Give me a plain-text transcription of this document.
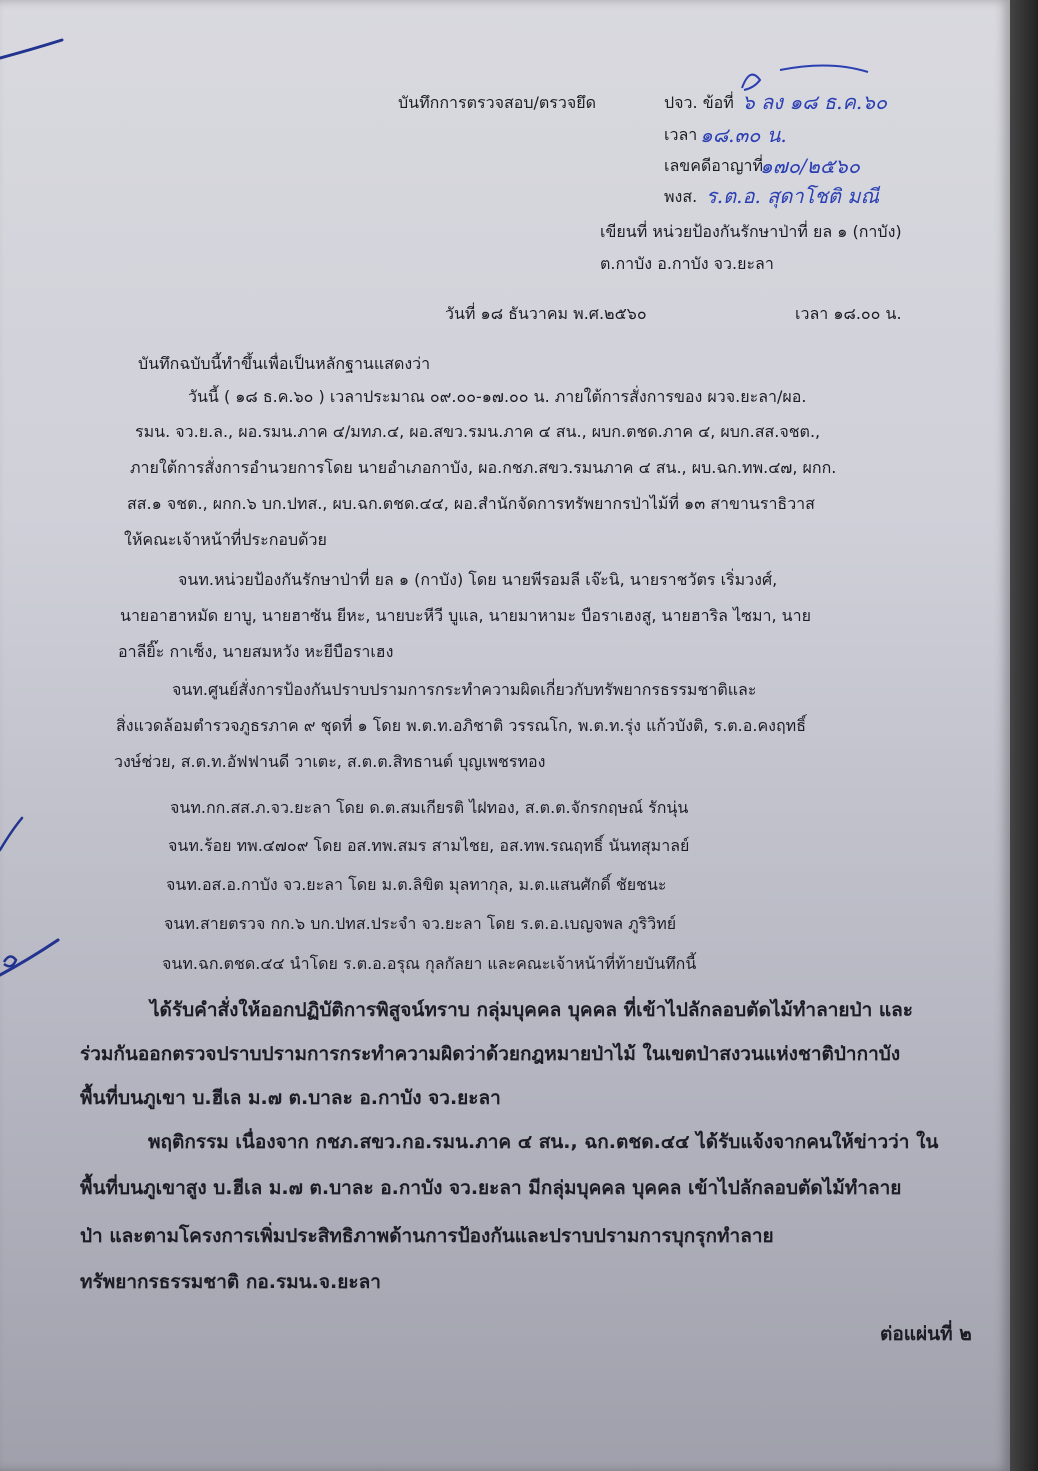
บันทึกการตรวจสอบ/ตรวจยึด	ปจว. ข้อที่ ๖ ลง ๑๘ ธ.ค.๖๐
เวลา ๑๘.๓๐ น.
เลขคดีอาญาที่
๑๗๐/๒๕๖๐
พงส. ร.ต.อ. สุดาโชติ มณี
เขียนที่ หน่วยป้องกันรักษาป่าที่ ยล ๑ (กาบัง)
ต.กาบัง อ.กาบัง จว.ยะลา
วันที่ ๑๘ ธันวาคม พ.ศ.๒๕๖๐	เวลา ๑๘.๐๐ น.
บันทึกฉบับนี้ทำขึ้นเพื่อเป็นหลักฐานแสดงว่า
วันนี้ ( ๑๘ ธ.ค.๖๐ ) เวลาประมาณ ๐๙.๐๐-๑๗.๐๐ น. ภายใต้การสั่งการของ ผวจ.ยะลา/ผอ.
รมน. จว.ย.ล., ผอ.รมน.ภาค ๔/มทภ.๔, ผอ.สขว.รมน.ภาค ๔ สน., ผบก.ตชด.ภาค ๔, ผบก.สส.จชต.,
ภายใต้การสั่งการอำนวยการโดย นายอำเภอกาบัง, ผอ.กชภ.สขว.รมนภาค ๔ สน., ผบ.ฉก.ทพ.๔๗, ผกก.
สส.๑ จชต., ผกก.๖ บก.ปทส., ผบ.ฉก.ตชด.๔๔, ผอ.สำนักจัดการทรัพยากรป่าไม้ที่ ๑๓ สาขานราธิวาส
ให้คณะเจ้าหน้าที่ประกอบด้วย
จนท.หน่วยป้องกันรักษาป่าที่ ยล ๑ (กาบัง) โดย นายพีรอมลี เจ๊ะนิ, นายราชวัตร เริ่มวงศ์,
นายอาฮาหมัด ยาบู, นายฮาซัน ยีหะ, นายบะหีวี บูแล, นายมาหามะ บือราเฮงสู, นายฮาริล ไซมา, นาย
อาลียิ๊ะ กาเซ็ง, นายสมหวัง หะยีบือราเฮง
จนท.ศูนย์สั่งการป้องกันปราบปรามการกระทำความผิดเกี่ยวกับทรัพยากรธรรมชาติและ
สิ่งแวดล้อมตำรวจภูธรภาค ๙ ชุดที่ ๑ โดย พ.ต.ท.อภิชาติ วรรณโก, พ.ต.ท.รุ่ง แก้วบังติ, ร.ต.อ.คงฤทธิ์
วงษ์ช่วย, ส.ต.ท.อัฟฟานดี วาเตะ, ส.ต.ต.สิทธานต์ บุญเพชรทอง
จนท.กก.สส.ภ.จว.ยะลา โดย ด.ต.สมเกียรติ ไฝทอง, ส.ต.ต.จักรกฤษณ์ รักนุ่น
จนท.ร้อย ทพ.๔๗๐๙ โดย อส.ทพ.สมร สามไชย, อส.ทพ.รณฤทธิ์ นันทสุมาลย์
จนท.อส.อ.กาบัง จว.ยะลา โดย ม.ต.ลิขิต มุลทากุล, ม.ต.แสนศักดิ์ ชัยชนะ
จนท.สายตรวจ กก.๖ บก.ปทส.ประจำ จว.ยะลา โดย ร.ต.อ.เบญจพล ภูริวิทย์
จนท.ฉก.ตชด.๔๔ นำโดย ร.ต.อ.อรุณ กุลกัลยา และคณะเจ้าหน้าที่ท้ายบันทึกนี้
ได้รับคำสั่งให้ออกปฏิบัติการพิสูจน์ทราบ กลุ่มบุคคล บุคคล ที่เข้าไปลักลอบตัดไม้ทำลายป่า และ
ร่วมกันออกตรวจปราบปรามการกระทำความผิดว่าด้วยกฎหมายป่าไม้ ในเขตป่าสงวนแห่งชาติป่ากาบัง
พื้นที่บนภูเขา บ.ฮีเล ม.๗ ต.บาละ อ.กาบัง จว.ยะลา
พฤติกรรม เนื่องจาก กชภ.สขว.กอ.รมน.ภาค ๔ สน., ฉก.ตชด.๔๔ ได้รับแจ้งจากคนให้ข่าวว่า ใน
พื้นที่บนภูเขาสูง บ.ฮีเล ม.๗ ต.บาละ อ.กาบัง จว.ยะลา มีกลุ่มบุคคล บุคคล เข้าไปลักลอบตัดไม้ทำลาย
ป่า และตามโครงการเพิ่มประสิทธิภาพด้านการป้องกันและปราบปรามการบุกรุกทำลาย
ทรัพยากรธรรมชาติ กอ.รมน.จ.ยะลา
ต่อแผ่นที่ ๒
